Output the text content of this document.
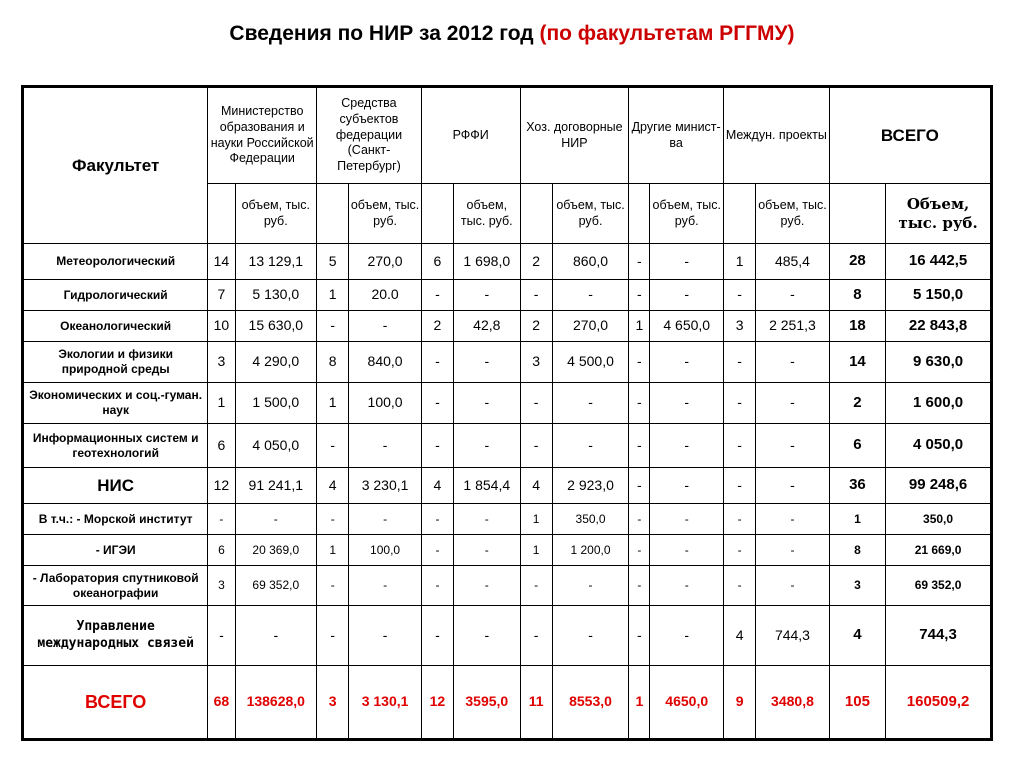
Сведения по НИР за 2012 год (по факультетам РГГМУ)
Факультет	Министерство образования и науки Российской Федерации		Средства субъектов федерации (Санкт-Петербург)		РФФИ		Хоз. договорные НИР		Другие минист-ва		Междун. проекты		ВСЕГО	
		объем, тыс. руб.		объем, тыс. руб.		объем, тыс. руб.		объем, тыс. руб.		объем, тыс. руб.		объем, тыс. руб.		Объем, тыс. руб.
Метеорологический	14	13 129,1	5	270,0	6	1 698,0	2	860,0	-	-	1	485,4	28	16 442,5
Гидрологический	7	5 130,0	1	20.0	-	-	-	-	-	-	-	-	8	5 150,0
Океанологический	10	15 630,0	-	-	2	42,8	2	270,0	1	4 650,0	3	2 251,3	18	22 843,8
Экологии и физики природной среды	3	4 290,0	8	840,0	-	-	3	4 500,0	-	-	-	-	14	9 630,0
Экономических и соц.-гуман. наук	1	1 500,0	1	100,0	-	-	-	-	-	-	-	-	2	1 600,0
Информационных систем и геотехнологий	6	4 050,0	-	-	-	-	-	-	-	-	-	-	6	4 050,0
НИС	12	91 241,1	4	3 230,1	4	1 854,4	4	2 923,0	-	-	-	-	36	99 248,6
В т.ч.: - Морской институт	-	-	-	-	-	-	1	350,0	-	-	-	-	1	350,0
- ИГЭИ	6	20 369,0	1	100,0	-	-	1	1 200,0	-	-	-	-	8	21 669,0
- Лаборатория спутниковой океанографии	3	69 352,0	-	-	-	-	-	-	-	-	-	-	3	69 352,0
Управление международных связей	-	-	-	-	-	-	-	-	-	-	4	744,3	4	744,3
ВСЕГО	68	138628,0	3	3 130,1	12	3595,0	11	8553,0	1	4650,0	9	3480,8	105	160509,2
